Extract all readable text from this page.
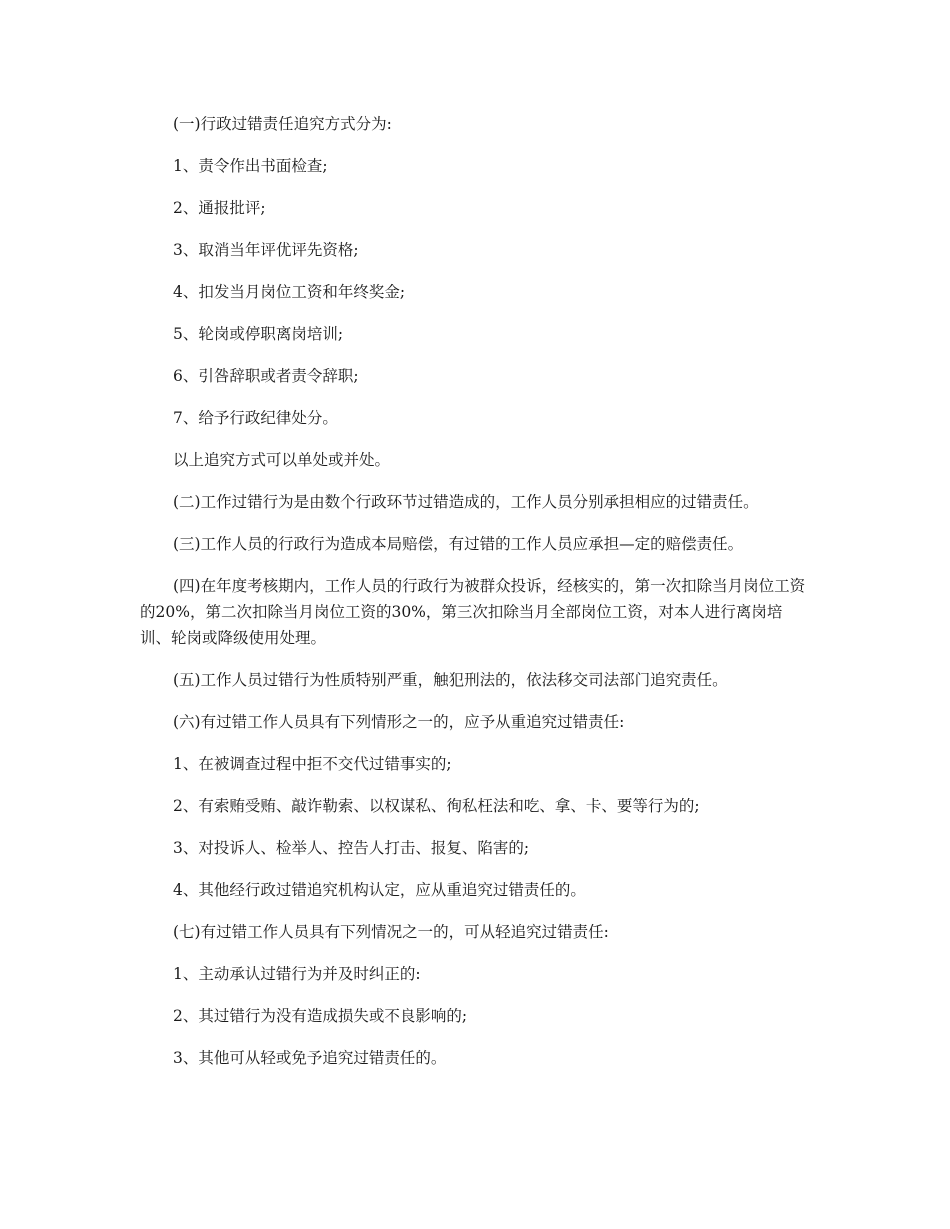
(一)行政过错责任追究方式分为:

1、责令作出书面检查;

2、通报批评;

3、取消当年评优评先资格;

4、扣发当月岗位工资和年终奖金;

5、轮岗或停职离岗培训;

6、引咎辞职或者责令辞职;

7、给予行政纪律处分。

以上追究方式可以单处或并处。

(二)工作过错行为是由数个行政环节过错造成的，工作人员分别承担相应的过错责任。

(三)工作人员的行政行为造成本局赔偿，有过错的工作人员应承担—定的赔偿责任。

(四)在年度考核期内，工作人员的行政行为被群众投诉，经核实的，第一次扣除当月岗位工资的20%，第二次扣除当月岗位工资的30%，第三次扣除当月全部岗位工资，对本人进行离岗培训、轮岗或降级使用处理。

(五)工作人员过错行为性质特别严重，触犯刑法的，依法移交司法部门追究责任。

(六)有过错工作人员具有下列情形之一的，应予从重追究过错责任:

1、在被调查过程中拒不交代过错事实的;

2、有索贿受贿、敲诈勒索、以权谋私、徇私枉法和吃、拿、卡、要等行为的;

3、对投诉人、检举人、控告人打击、报复、陷害的;

4、其他经行政过错追究机构认定，应从重追究过错责任的。

(七)有过错工作人员具有下列情况之一的，可从轻追究过错责任:

1、主动承认过错行为并及时纠正的:

2、其过错行为没有造成损失或不良影响的;

3、其他可从轻或免予追究过错责任的。
